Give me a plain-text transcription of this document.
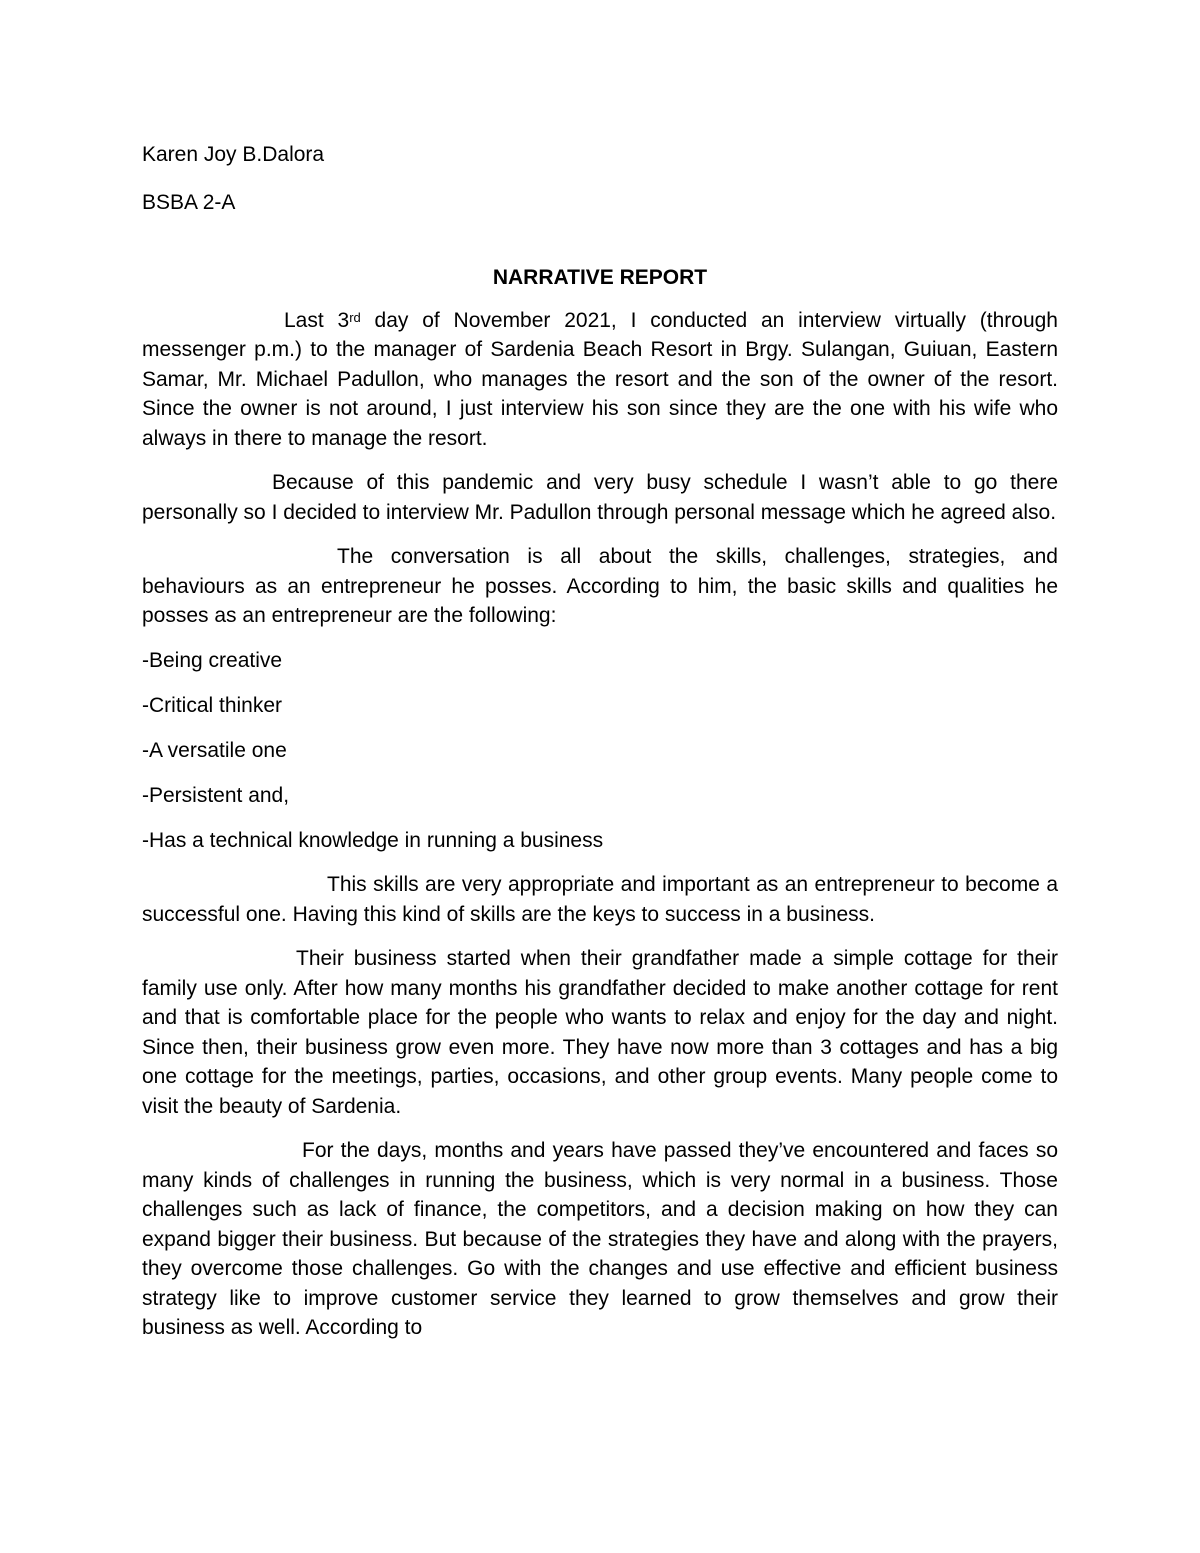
Karen Joy B.Dalora

BSBA 2-A

NARRATIVE REPORT

Last 3rd day of November 2021, I conducted an interview virtually (through messenger p.m.) to the manager of Sardenia Beach Resort in Brgy. Sulangan, Guiuan, Eastern Samar, Mr. Michael Padullon, who manages the resort and the son of the owner of the resort. Since the owner is not around, I just interview his son since they are the one with his wife who always in there to manage the resort.

Because of this pandemic and very busy schedule I wasn’t able to go there personally so I decided to interview Mr. Padullon through personal message which he agreed also.

The conversation is all about the skills, challenges, strategies, and behaviours as an entrepreneur he posses. According to him, the basic skills and qualities he posses as an entrepreneur are the following:

-Being creative
-Critical thinker
-A versatile one
-Persistent and,
-Has a technical knowledge in running a business

This skills are very appropriate and important as an entrepreneur to become a successful one. Having this kind of skills are the keys to success in a business.

Their business started when their grandfather made a simple cottage for their family use only. After how many months his grandfather decided to make another cottage for rent and that is comfortable place for the people who wants to relax and enjoy for the day and night. Since then, their business grow even more. They have now more than 3 cottages and has a big one cottage for the meetings, parties, occasions, and other group events. Many people come to visit the beauty of Sardenia.

For the days, months and years have passed they’ve encountered and faces so many kinds of challenges in running the business, which is very normal in a business. Those challenges such as lack of finance, the competitors, and a decision making on how they can expand bigger their business. But because of the strategies they have and along with the prayers, they overcome those challenges. Go with the changes and use effective and efficient business strategy like to improve customer service they learned to grow themselves and grow their business as well. According to
